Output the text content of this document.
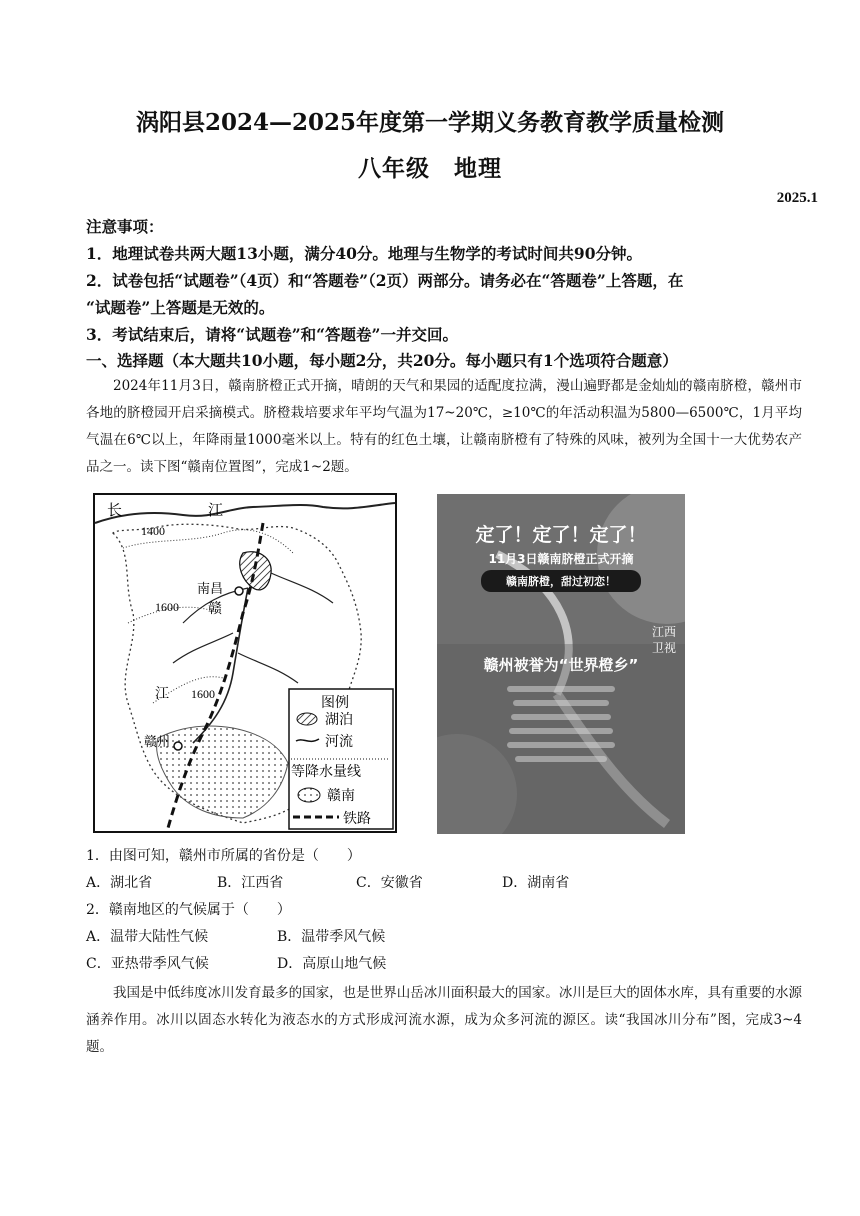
涡阳县2024—2025年度第一学期义务教育教学质量检测
八年级　地理
2025.1
注意事项：
1．地理试卷共两大题13小题，满分40分。地理与生物学的考试时间共90分钟。
2．试卷包括“试题卷”（4页）和“答题卷”（2页）两部分。请务必在“答题卷”上答题，在
“试题卷”上答题是无效的。
3．考试结束后，请将“试题卷”和“答题卷”一并交回。
一、选择题（本大题共10小题，每小题2分，共20分。每小题只有1个选项符合题意）
2024年11月3日，赣南脐橙正式开摘，晴朗的天气和果园的适配度拉满，漫山遍野都是金灿灿的赣南脐橙，赣州市各地的脐橙园开启采摘模式。脐橙栽培要求年平均气温为17~20℃，≥10℃的年活动积温为5800—6500℃，1月平均气温在6℃以上，年降雨量1000毫米以上。特有的红色土壤，让赣南脐橙有了特殊的风味，被列为全国十一大优势农产品之一。读下图“赣南位置图”，完成1~2题。
长	江
1400
南昌
赣
1600
江 1600
赣州
图例
湖泊
河流
等降水量线
赣南
铁路
定了！定了！定了！
11月3日赣南脐橙正式开摘
赣南脐橙，甜过初恋！
江西卫视
赣州被誉为“世界橙乡”
1．由图可知，赣州市所属的省份是（　　）
A．湖北省	B．江西省	C．安徽省	D．湖南省
2．赣南地区的气候属于（　　）
A．温带大陆性气候	B．温带季风气候
C．亚热带季风气候	D．高原山地气候
我国是中低纬度冰川发育最多的国家，也是世界山岳冰川面积最大的国家。冰川是巨大的固体水库，具有重要的水源涵养作用。冰川以固态水转化为液态水的方式形成河流水源，成为众多河流的源区。读“我国冰川分布”图，完成3~4题。
